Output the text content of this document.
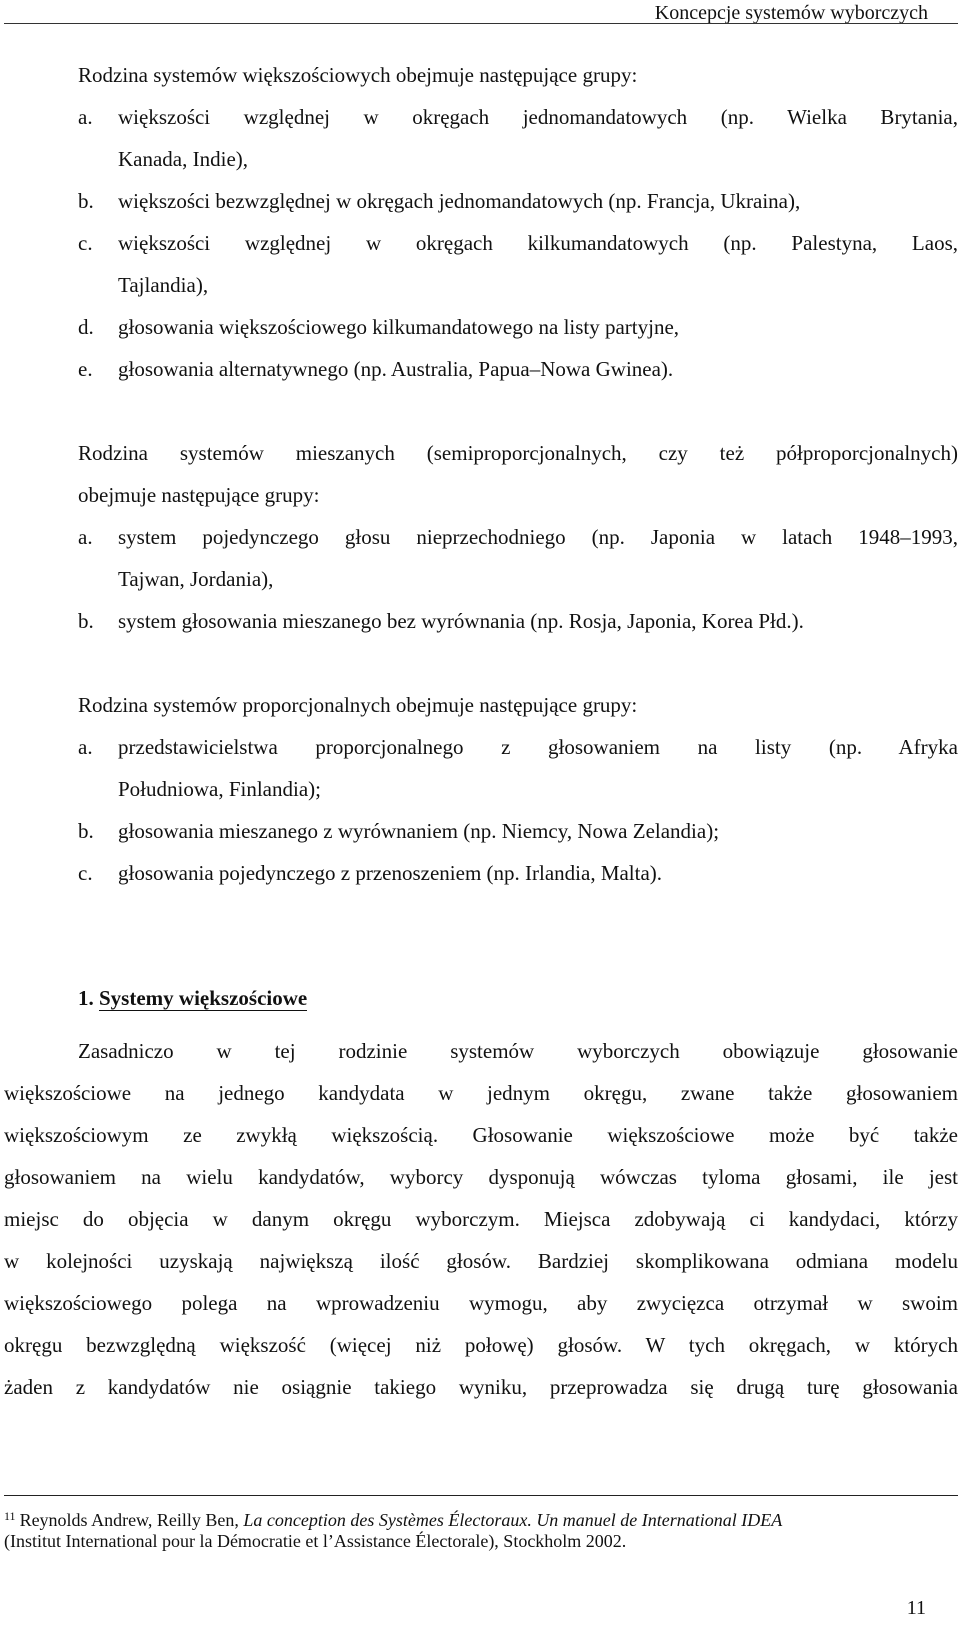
Koncepcje systemów wyborczych
Rodzina systemów większościowych obejmuje następujące grupy:
a. większości względnej w okręgach jednomandatowych (np. Wielka Brytania,
Kanada, Indie),
b. większości bezwzględnej w okręgach jednomandatowych (np. Francja, Ukraina),
c. większości względnej w okręgach kilkumandatowych (np. Palestyna, Laos,
Tajlandia),
d. głosowania większościowego kilkumandatowego na listy partyjne,
e. głosowania alternatywnego (np. Australia, Papua–Nowa Gwinea).
Rodzina systemów mieszanych (semiproporcjonalnych, czy też półproporcjonalnych)
obejmuje następujące grupy:
a. system pojedynczego głosu nieprzechodniego (np. Japonia w latach 1948–1993,
Tajwan, Jordania),
b. system głosowania mieszanego bez wyrównania (np. Rosja, Japonia, Korea Płd.).
Rodzina systemów proporcjonalnych obejmuje następujące grupy:
a. przedstawicielstwa proporcjonalnego z głosowaniem na listy (np. Afryka
Południowa, Finlandia);
b. głosowania mieszanego z wyrównaniem (np. Niemcy, Nowa Zelandia);
c. głosowania pojedynczego z przenoszeniem (np. Irlandia, Malta).
1. Systemy większościowe
Zasadniczo w tej rodzinie systemów wyborczych obowiązuje głosowanie
większościowe na jednego kandydata w jednym okręgu, zwane także głosowaniem
większościowym ze zwykłą większością. Głosowanie większościowe może być także
głosowaniem na wielu kandydatów, wyborcy dysponują wówczas tyloma głosami, ile jest
miejsc do objęcia w danym okręgu wyborczym. Miejsca zdobywają ci kandydaci, którzy
w kolejności uzyskają największą ilość głosów. Bardziej skomplikowana odmiana modelu
większościowego polega na wprowadzeniu wymogu, aby zwycięzca otrzymał w swoim
okręgu bezwzględną większość (więcej niż połowę) głosów. W tych okręgach, w których
żaden z kandydatów nie osiągnie takiego wyniku, przeprowadza się drugą turę głosowania
$^{11}$ Reynolds Andrew, Reilly Ben, La conception des Systèmes Électoraux. Un manuel de International IDEA
(Institut International pour la Démocratie et l’Assistance Électorale), Stockholm 2002.
11
